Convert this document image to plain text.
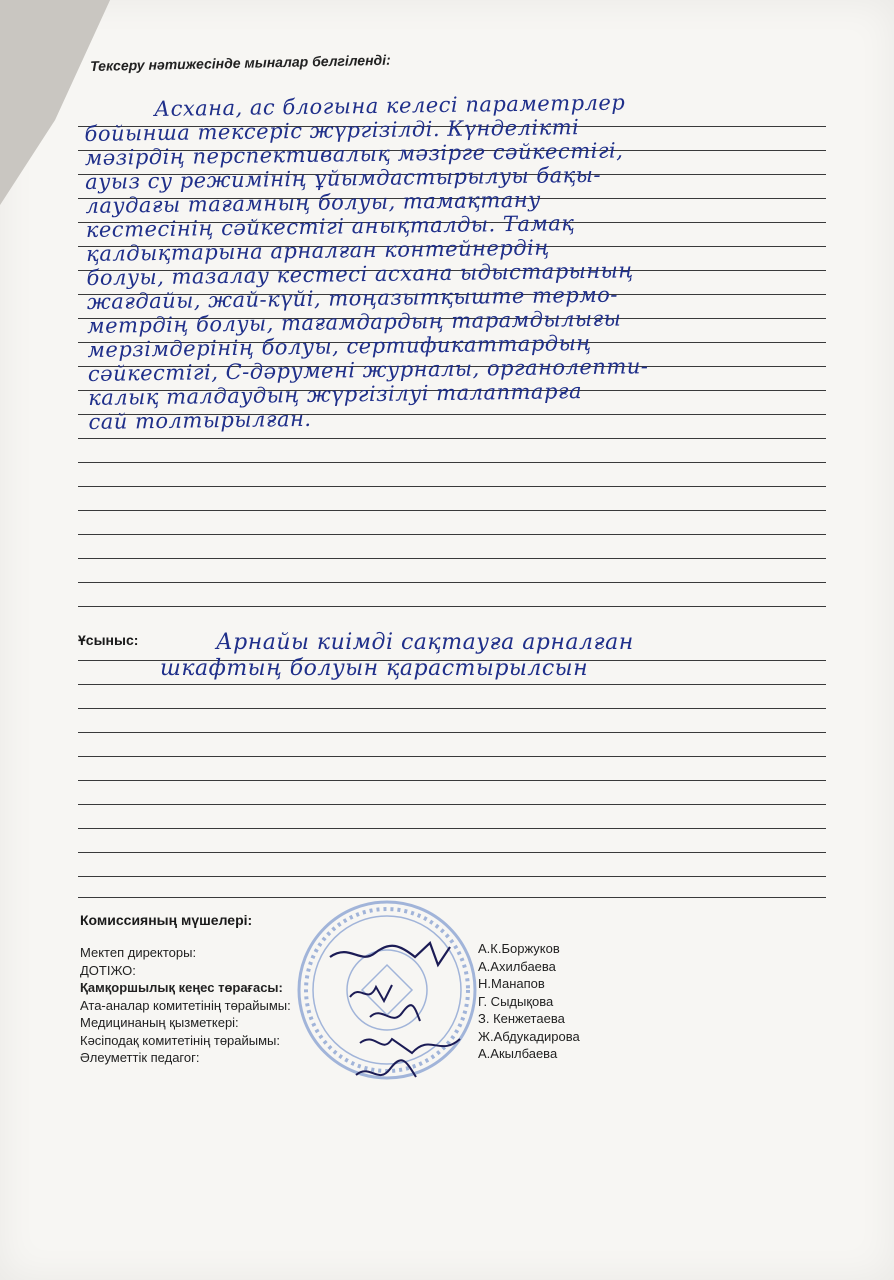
Тексеру нәтижесінде мыналар белгіленді:
Асхана, ас блогына келесі параметрлер
бойынша тексеріс жүргізілді. Күнделікті
мәзірдің перспективалық мәзірге сәйкестігі,
ауыз су режимінің ұйымдастырылуы бақы-
лаудағы тағамның болуы, тамақтану
кестесінің сәйкестігі анықталды. Тамақ
қалдықтарына арналған контейнердің
болуы, тазалау кестесі асхана ыдыстарының
жағдайы, жай-күйі, тоңазытқыште термо-
метрдің болуы, тағамдардың тарамдылығы
мерзімдерінің болуы, сертификаттардың
сәйкестігі, С-дәрумені журналы, органолепти-
калық талдаудың жүргізілуі талаптарға
сай толтырылған.
Ұсыныс:	Арнайы киімді сақтауға арналған
шкафтың болуын қарастырылсын
Комиссияның мүшелері:
Мектеп директоры:
ДОТІЖО:
Қамқоршылық кеңес төрағасы:
Ата-аналар комитетінің төрайымы:
Медицинаның қызметкері:
Кәсіподақ комитетінің төрайымы:
Әлеуметтік педагог:
А.К.Боржуков
А.Ахилбаева
Н.Манапов
Г. Сыдықова
З. Кенжетаева
Ж.Абдукадирова
А.Акылбаева
